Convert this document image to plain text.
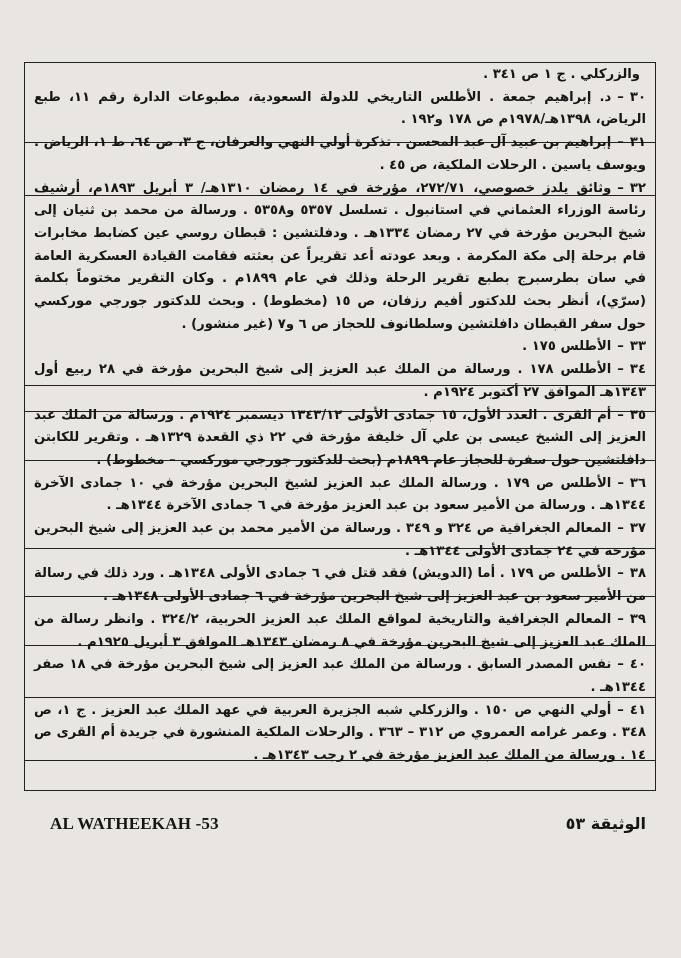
والزركلي . ج ١ ص ٣٤١ .

٣٠–د. إبراهيم جمعة . الأطلس التاريخي للدولة السعودية، مطبوعات الدارة رقم ١١، طبع الرياض، ١٣٩٨هـ/١٩٧٨م ص ١٧٨ و١٩٢ .

٣١–إبراهيم بن عبيد آل عبد المحسن . تذكرة أولي النهي والعرفان، ج ٣، ص ٦٤، ط ١، الرياض . ويوسف ياسين . الرحلات الملكية، ص ٤٥ .

٣٢–وثائق يلدز خصوصي، ٢٧٢/٧١، مؤرخة في ١٤ رمضان ١٣١٠هـ/ ٣ أبريل ١٨٩٣م، أرشيف رئاسة الوزراء العثماني في استانبول . تسلسل ٥٣٥٧ و٥٣٥٨ . ورسالة من محمد بن ثنيان إلى شيخ البحرين مؤرخة في ٢٧ رمضان ١٣٣٤هـ . ودفلتشين : قبطان روسي عين كضابط مخابرات قام برحلة إلى مكة المكرمة . وبعد عودته أعد تقريراً عن بعثته فقامت القيادة العسكرية العامة في سان بطرسبرج بطبع تقرير الرحلة وذلك في عام ١٨٩٩م . وكان التقرير مختوماً بكلمة (سرّي)، أنظر بحث للدكتور أفيم رزفان، ص ١٥ (مخطوط) . وبحث للدكتور جورجي موركسي حول سفر القبطان دافلتشين وسلطانوف للحجاز ص ٦ و٧ (غير منشور) .

٣٣–الأطلس ١٧٥ .

٣٤–الأطلس ١٧٨ . ورسالة من الملك عبد العزيز إلى شيخ البحرين مؤرخة في ٢٨ ربيع أول ١٣٤٣هـ الموافق ٢٧ أكتوبر ١٩٢٤م .

٣٥–أم القرى . العدد الأول، ١٥ جمادى الأولى ١٣٤٣/١٢ ديسمبر ١٩٢٤م . ورسالة من الملك عبد العزيز إلى الشيخ عيسى بن علي آل خليفة مؤرخة في ٢٢ ذي القعدة ١٣٢٩هـ . وتقرير للكابتن دافلتشين حول سفرة للحجاز عام ١٨٩٩م (بحث للدكتور جورجي موركسي – مخطوط) .

٣٦–الأطلس ص ١٧٩ . ورسالة الملك عبد العزيز لشيخ البحرين مؤرخة في ١٠ جمادى الآخرة ١٣٤٤هـ . ورسالة من الأمير سعود بن عبد العزيز مؤرخة في ٦ جمادى الآخرة ١٣٤٤هـ .

٣٧–المعالم الجغرافية ص ٣٢٤ و ٣٤٩ . ورسالة من الأمير محمد بن عبد العزيز إلى شيخ البحرين مؤرخة في ٢٤ جمادى الأولى ١٣٤٤هـ .

٣٨–الأطلس ص ١٧٩ . أما (الدويش) فقد قتل في ٦ جمادى الأولى ١٣٤٨هـ . ورد ذلك في رسالة من الأمير سعود بن عبد العزيز إلى شيخ البحرين مؤرخة في ٦ جمادى الأولى ١٣٤٨هـ .

٣٩–المعالم الجغرافية والتاريخية لمواقع الملك عبد العزيز الحربية، ٣٢٤/٢ . وانظر رسالة من الملك عبد العزيز إلى شيخ البحرين مؤرخة في ٨ رمضان ١٣٤٣هـ الموافق ٣ أبريل ١٩٢٥م .

٤٠–نفس المصدر السابق . ورسالة من الملك عبد العزيز إلى شيخ البحرين مؤرخة في ١٨ صفر ١٣٤٤هـ .

٤١–أولي النهي ص ١٥٠ . والزركلي شبه الجزيرة العربية في عهد الملك عبد العزيز . ج ١، ص ٣٤٨ . وعمر غرامه العمروي ص ٣١٢ – ٣٦٣ . والرحلات الملكية المنشورة في جريدة أم القرى ص ١٤ . ورسالة من الملك عبد العزيز مؤرخة في ٢ رجب ١٣٤٣هـ .

AL WATHEEKAH -53	الوثيقة ٥٣
